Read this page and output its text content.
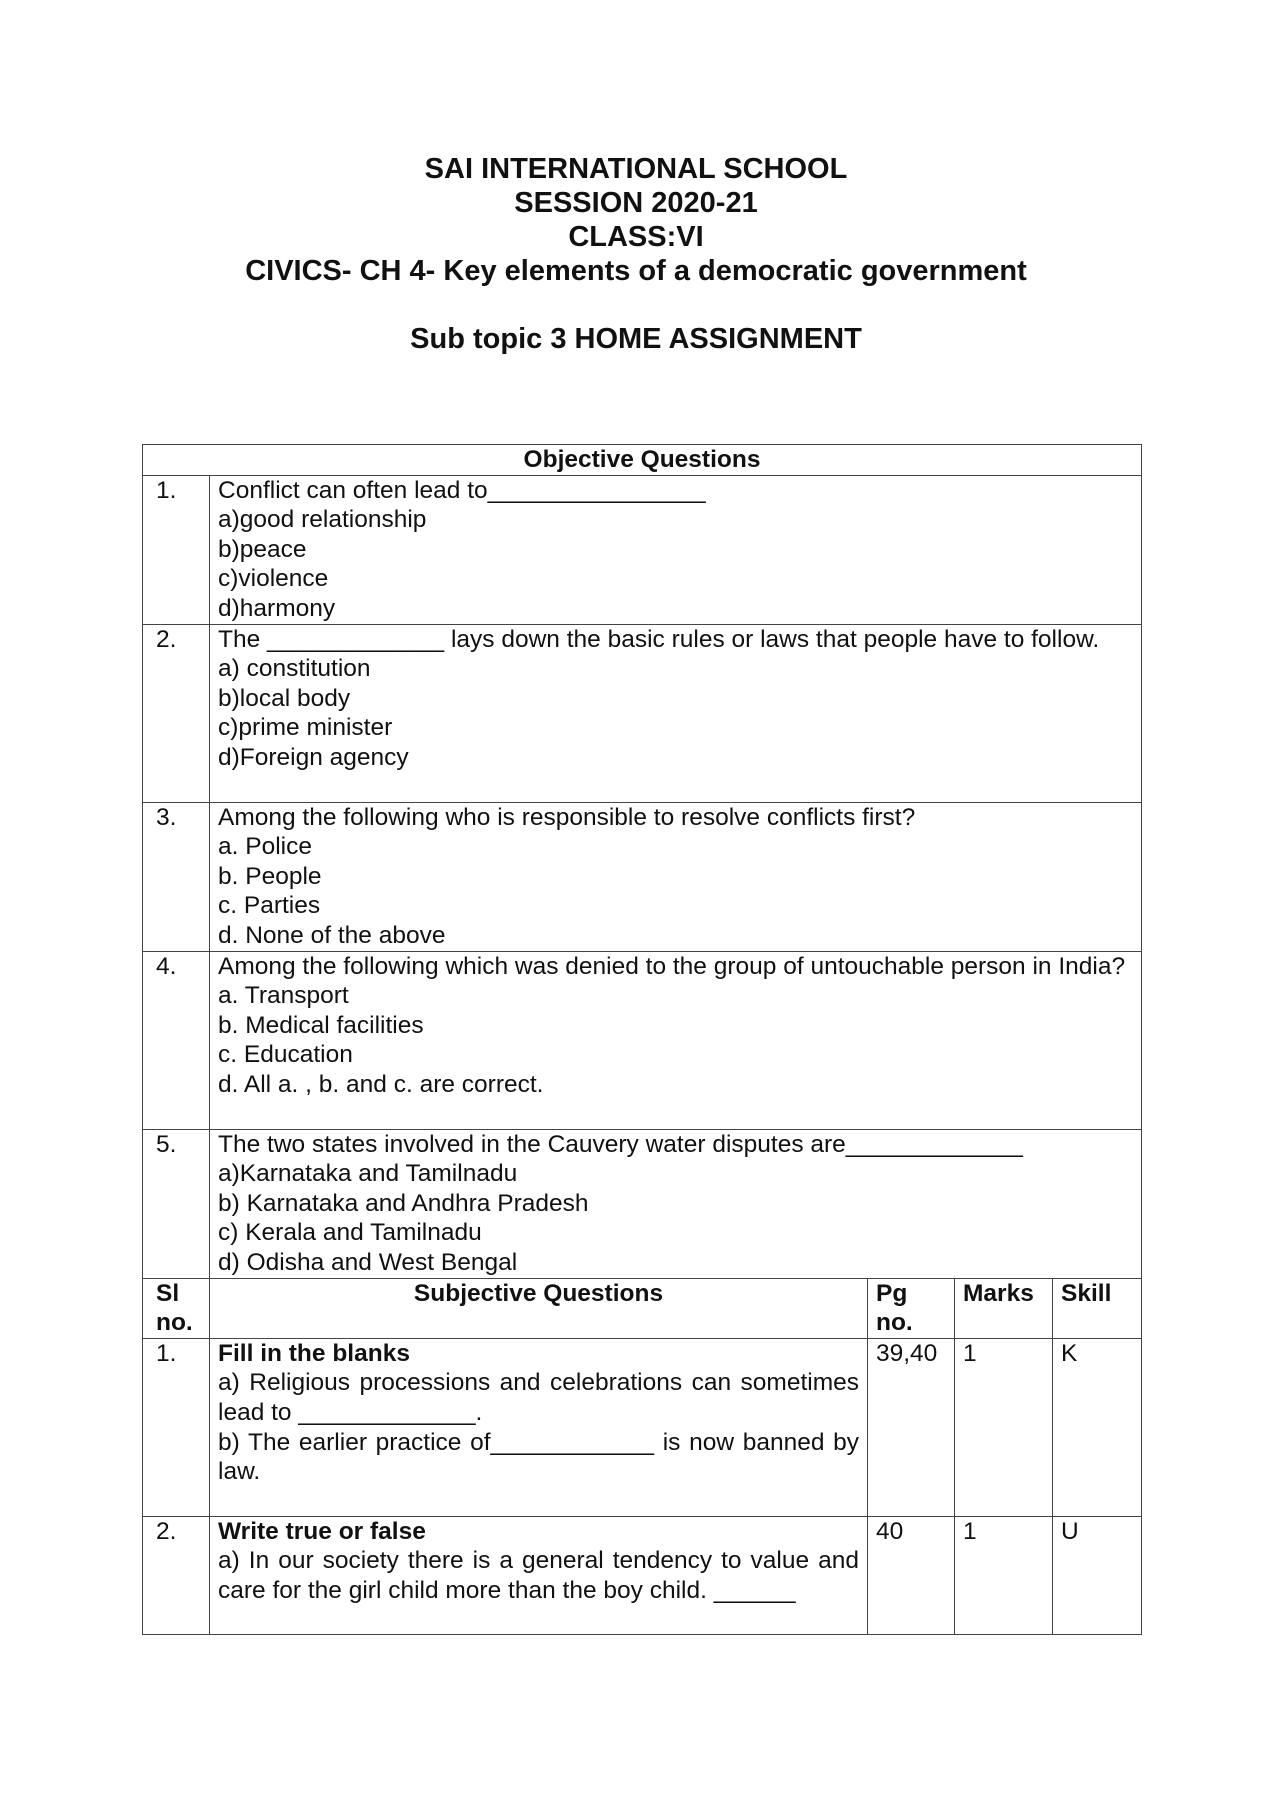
SAI INTERNATIONAL SCHOOL
SESSION 2020-21
CLASS:VI
CIVICS- CH 4- Key elements of a democratic government
Sub topic 3 HOME ASSIGNMENT
Objective Questions				
1.	Conflict can often lead to________________
a)good relationship
b)peace
c)violence
d)harmony			

2.	The _____________ lays down the basic rules or laws that people have to follow.
a) constitution
b)local body
c)prime minister
d)Foreign agency			

3.	Among the following who is responsible to resolve conflicts first?
a. Police
b. People
c. Parties
d. None of the above			

4.	Among the following which was denied to the group of untouchable person in India?
a. Transport
b. Medical facilities
c. Education
d. All a. , b. and c. are correct.			

5.	The two states involved in the Cauvery water disputes are_____________
a)Karnataka and Tamilnadu
b) Karnataka and Andhra Pradesh
c) Kerala and Tamilnadu
d) Odisha and West Bengal			

Sl no.	Subjective Questions	Pg no.	Marks	Skill
1.	Fill in the blanks
a) Religious processions and celebrations can sometimes lead to _____________.
b) The earlier practice of____________ is now banned by law.	39,40	1	K
2.	Write true or false
a) In our society there is a general tendency to value and care for the girl child more than the boy child. ______	40	1	U
